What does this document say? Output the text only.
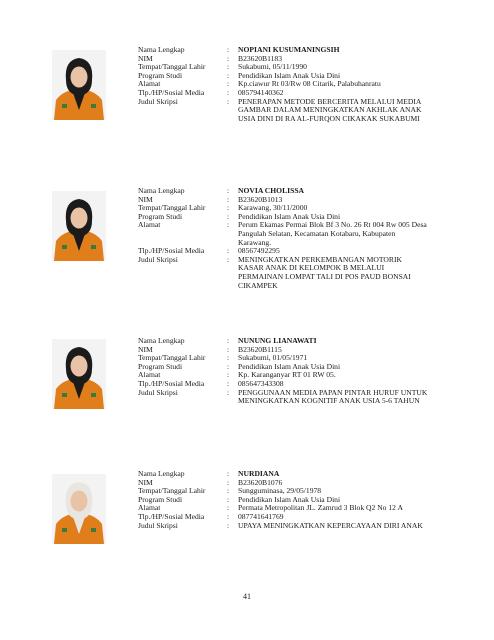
Nama Lengkap	:	NOPIANI KUSUMANINGSIH
NIM	:	B23620B1183
Tempat/Tanggal Lahir	:	Sukabumi, 05/11/1990
Program Studi	:	Pendidikan Islam Anak Usia Dini
Alamat	:	Kp.ciawur Rt 03/Rw 08 Citarik, Palabuhanratu
Tlp./HP/Sosial Media	:	085794140362
Judul Skripsi	:	PENERAPAN METODE BERCERITA MELALUI MEDIA GAMBAR DALAM MENINGKATKAN AKHLAK ANAK USIA DINI DI RA AL-FURQON CIKAKAK SUKABUMI
Nama Lengkap	:	NOVIA CHOLISSA
NIM	:	B23620B1013
Tempat/Tanggal Lahir	:	Karawang, 30/11/2000
Program Studi	:	Pendidikan Islam Anak Usia Dini
Alamat	:	Perum Ekamas Permai Blok Bf 3 No. 26 Rt 004 Rw 005 Desa Pangulah Selatan, Kecamatan Kotabaru, Kabupaten Karawang.
Tlp./HP/Sosial Media	:	08567492295
Judul Skripsi	:	MENINGKATKAN PERKEMBANGAN MOTORIK KASAR ANAK DI KELOMPOK B MELALUI PERMAINAN LOMPAT TALI DI POS PAUD BONSAI CIKAMPEK
Nama Lengkap	:	NUNUNG LIANAWATI
NIM	:	B23620B1115
Tempat/Tanggal Lahir	:	Sukabumi, 01/05/1971
Program Studi	:	Pendidikan Islam Anak Usia Dini
Alamat	:	Kp. Karanganyar RT 01 RW 05.
Tlp./HP/Sosial Media	:	085647343308
Judul Skripsi	:	PENGGUNAAN MEDIA PAPAN PINTAR HURUF UNTUK MENINGKATKAN KOGNITIF ANAK USIA 5-6 TAHUN
Nama Lengkap	:	NURDIANA
NIM	:	B23620B1076
Tempat/Tanggal Lahir	:	Sungguminasa, 29/05/1978
Program Studi	:	Pendidikan Islam Anak Usia Dini
Alamat	:	Permata Metropolitan JL. Zamrud 3 Blok Q2 No 12 A
Tlp./HP/Sosial Media	:	087741641769
Judul Skripsi	:	UPAYA MENINGKATKAN KEPERCAYAAN DIRI ANAK
41
